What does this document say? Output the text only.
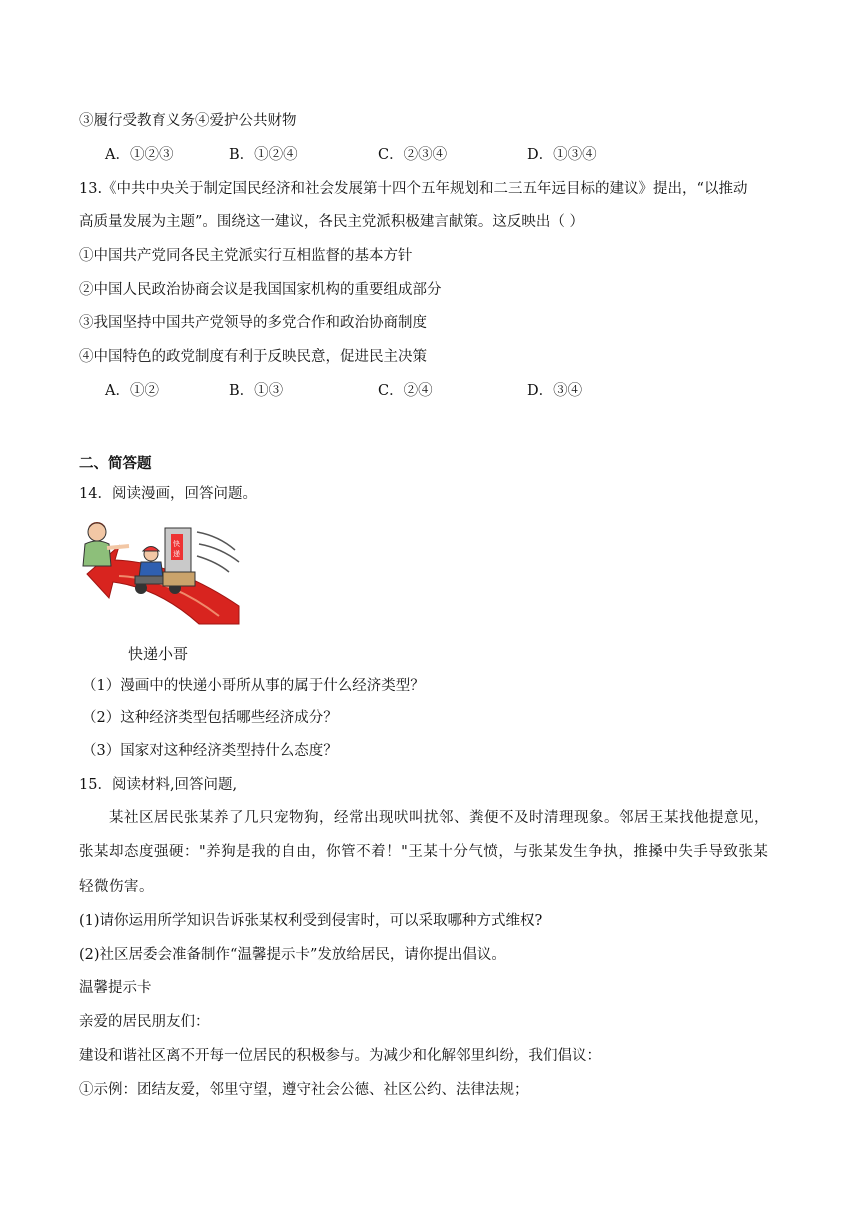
③履行受教育义务④爱护公共财物
A．①②③	B．①②④	C．②③④	D．①③④
13.《中共中央关于制定国民经济和社会发展第十四个五年规划和二三五年远目标的建议》提出，“以推动
高质量发展为主题”。围绕这一建议，各民主党派积极建言献策。这反映出（ ）
①中国共产党同各民主党派实行互相监督的基本方针
②中国人民政治协商会议是我国国家机构的重要组成部分
③我国坚持中国共产党领导的多党合作和政治协商制度
④中国特色的政党制度有利于反映民意，促进民主决策
A．①②	B．①③	C．②④	D．③④
二、简答题
14．阅读漫画，回答问题。
快
递
快递小哥
（1）漫画中的快递小哥所从事的属于什么经济类型？
（2）这种经济类型包括哪些经济成分？
（3）国家对这种经济类型持什么态度？
15．阅读材料,回答问题,
某社区居民张某养了几只宠物狗，经常出现吠叫扰邻、粪便不及时清理现象。邻居王某找他提意见，
张某却态度强硬："养狗是我的自由，你管不着！"王某十分气愤，与张某发生争执，推搡中失手导致张某
轻微伤害。
(1)请你运用所学知识告诉张某权利受到侵害时，可以采取哪种方式维权?
(2)社区居委会准备制作“温馨提示卡”发放给居民，请你提出倡议。
温馨提示卡
亲爱的居民朋友们：
建设和谐社区离不开每一位居民的积极参与。为减少和化解邻里纠纷，我们倡议：
①示例：团结友爱，邻里守望，遵守社会公德、社区公约、法律法规；
